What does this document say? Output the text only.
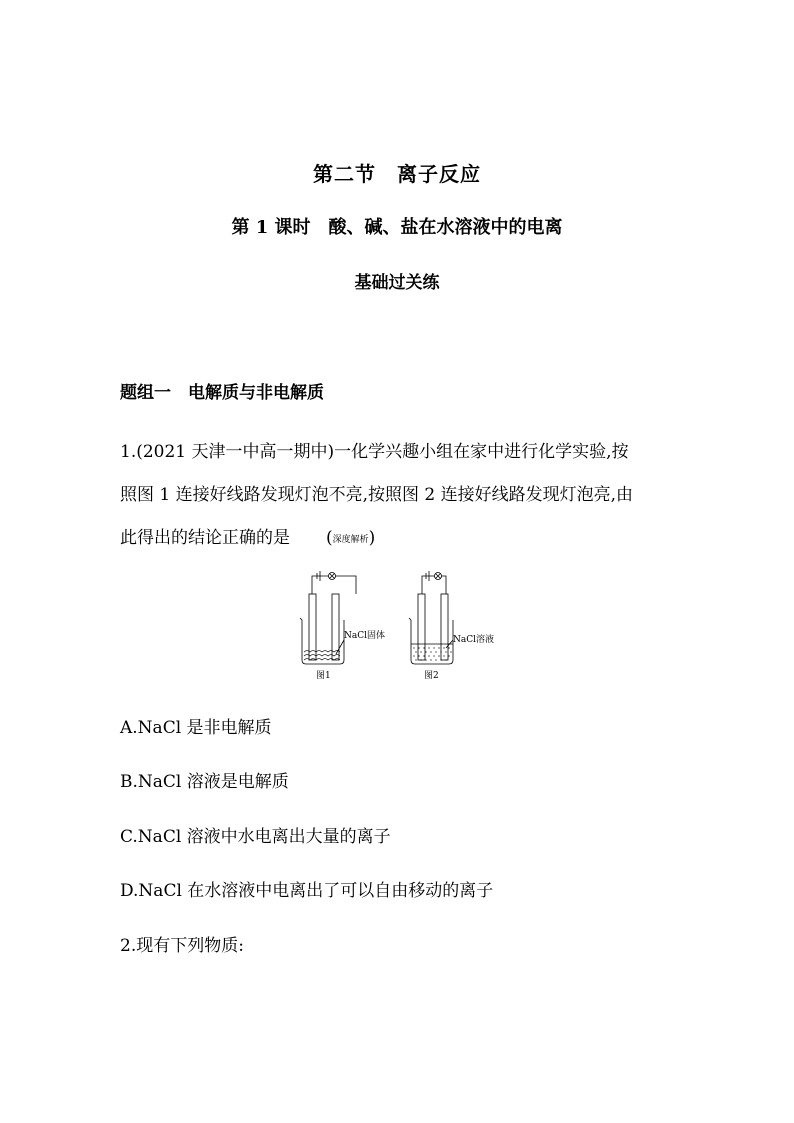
第二节　离子反应
第 1 课时　酸、碱、盐在水溶液中的电离
基础过关练
题组一　电解质与非电解质
1.(2021 天津一中高一期中)一化学兴趣小组在家中进行化学实验,按
照图 1 连接好线路发现灯泡不亮,按照图 2 连接好线路发现灯泡亮,由
此得出的结论正确的是 (深度解析)
NaCl固体
图1
NaCl溶液
图2
A.NaCl 是非电解质
B.NaCl 溶液是电解质
C.NaCl 溶液中水电离出大量的离子
D.NaCl 在水溶液中电离出了可以自由移动的离子
2.现有下列物质:
